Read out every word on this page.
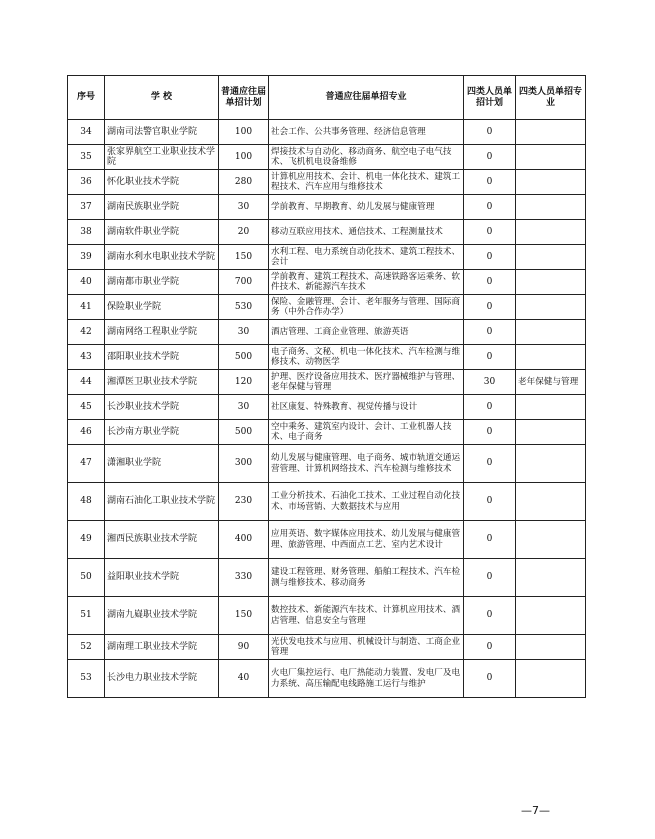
序号	学 校	普通应往届单招计划	普通应往届单招专业	四类人员单招计划	四类人员单招专业
34	湖南司法警官职业学院	100	社会工作、公共事务管理、经济信息管理	0	
35	张家界航空工业职业技术学院	100	焊接技术与自动化、移动商务、航空电子电气技术、飞机机电设备维修	0	
36	怀化职业技术学院	280	计算机应用技术、会计、机电一体化技术、建筑工程技术、汽车应用与维修技术	0	
37	湖南民族职业学院	30	学前教育、早期教育、幼儿发展与健康管理	0	
38	湖南软件职业学院	20	移动互联应用技术、通信技术、工程测量技术	0	
39	湖南水利水电职业技术学院	150	水利工程、电力系统自动化技术、建筑工程技术、会计	0	
40	湖南都市职业学院	700	学前教育、建筑工程技术、高速铁路客运乘务、软件技术、新能源汽车技术	0	
41	保险职业学院	530	保险、金融管理、会计、老年服务与管理、国际商务（中外合作办学）	0	
42	湖南网络工程职业学院	30	酒店管理、工商企业管理、旅游英语	0	
43	邵阳职业技术学院	500	电子商务、文秘、机电一体化技术、汽车检测与维修技术、动物医学	0	
44	湘潭医卫职业技术学院	120	护理、医疗设备应用技术、医疗器械维护与管理、老年保健与管理	30	老年保健与管理
45	长沙职业技术学院	30	社区康复、特殊教育、视觉传播与设计	0	
46	长沙南方职业学院	500	空中乘务、建筑室内设计、会计、工业机器人技术、电子商务	0	
47	潇湘职业学院	300	幼儿发展与健康管理、电子商务、城市轨道交通运营管理、计算机网络技术、汽车检测与维修技术	0	
48	湖南石油化工职业技术学院	230	工业分析技术、石油化工技术、工业过程自动化技术、市场营销、大数据技术与应用	0	
49	湘西民族职业技术学院	400	应用英语、数字媒体应用技术、幼儿发展与健康管理、旅游管理、中西面点工艺、室内艺术设计	0	
50	益阳职业技术学院	330	建设工程管理、财务管理、船舶工程技术、汽车检测与维修技术、移动商务	0	
51	湖南九嶷职业技术学院	150	数控技术、新能源汽车技术、计算机应用技术、酒店管理、信息安全与管理	0	
52	湖南理工职业技术学院	90	光伏发电技术与应用、机械设计与制造、工商企业管理	0	
53	长沙电力职业技术学院	40	火电厂集控运行、电厂热能动力装置、发电厂及电力系统、高压输配电线路施工运行与维护	0	
—7—
